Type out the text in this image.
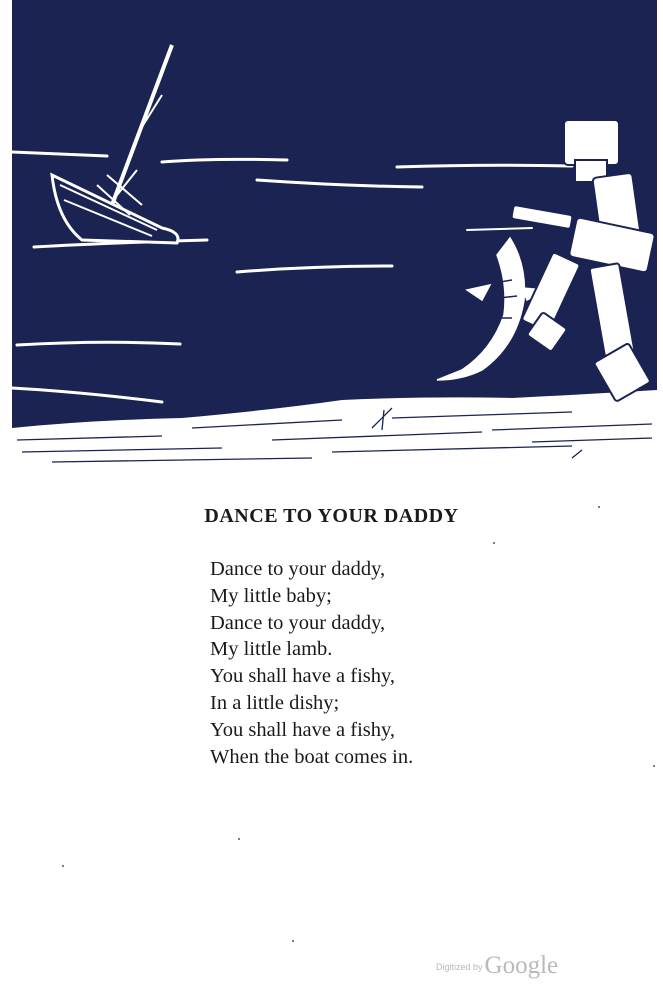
DANCE TO YOUR DADDY
Dance to your daddy,
My little baby;
Dance to your daddy,
My little lamb.
You shall have a fishy,
In a little dishy;
You shall have a fishy,
When the boat comes in.
Digitized byGoogle
